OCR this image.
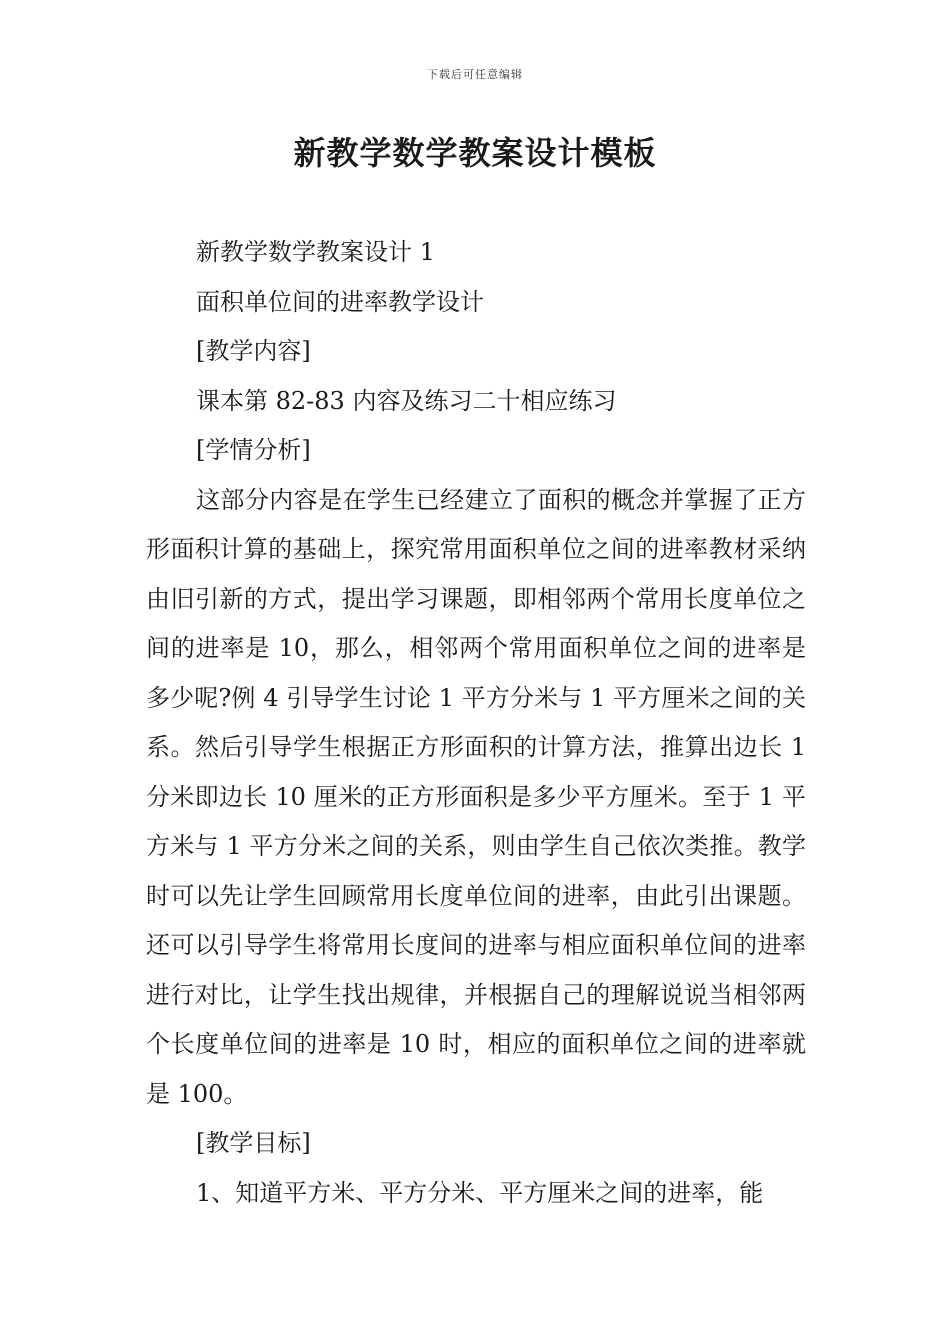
下载后可任意编辑
新教学数学教案设计模板
新教学数学教案设计 1
面积单位间的进率教学设计
[教学内容]
课本第 82-83 内容及练习二十相应练习
[学情分析]

这部分内容是在学生已经建立了面积的概念并掌握了正方形面积计算的基础上，探究常用面积单位之间的进率教材采纳由旧引新的方式，提出学习课题，即相邻两个常用长度单位之间的进率是 10，那么，相邻两个常用面积单位之间的进率是多少呢?例 4 引导学生讨论 1 平方分米与 1 平方厘米之间的关系。然后引导学生根据正方形面积的计算方法，推算出边长 1 分米即边长 10 厘米的正方形面积是多少平方厘米。至于 1 平方米与 1 平方分米之间的关系，则由学生自己依次类推。教学时可以先让学生回顾常用长度单位间的进率，由此引出课题。还可以引导学生将常用长度间的进率与相应面积单位间的进率进行对比，让学生找出规律，并根据自己的理解说说当相邻两个长度单位间的进率是 10 时，相应的面积单位之间的进率就是 100。

[教学目标]
1、知道平方米、平方分米、平方厘米之间的进率，能
